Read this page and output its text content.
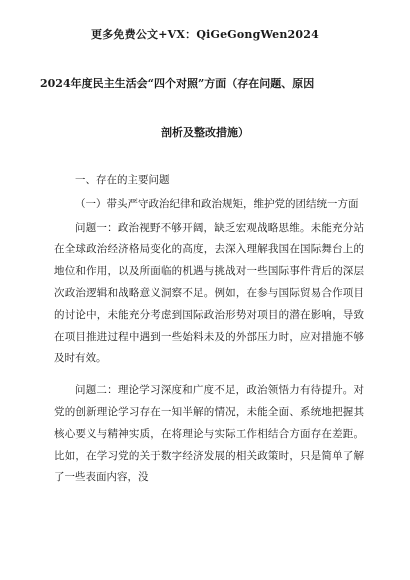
更多免费公文+VX：QiGeGongWen2024
2024年度民主生活会“四个对照”方面（存在问题、原因
剖析及整改措施）

一、存在的主要问题

（一）带头严守政治纪律和政治规矩，维护党的团结统一方面

问题一：政治视野不够开阔，缺乏宏观战略思维。未能充分站在全球政治经济格局变化的高度，去深入理解我国在国际舞台上的地位和作用，以及所面临的机遇与挑战对一些国际事件背后的深层次政治逻辑和战略意义洞察不足。例如，在参与国际贸易合作项目的讨论中，未能充分考虑到国际政治形势对项目的潜在影响，导致在项目推进过程中遇到一些始料未及的外部压力时，应对措施不够及时有效。

问题二：理论学习深度和广度不足，政治领悟力有待提升。对党的创新理论学习存在一知半解的情况，未能全面、系统地把握其核心要义与精神实质，在将理论与实际工作相结合方面存在差距。比如，在学习党的关于数字经济发展的相关政策时，只是简单了解了一些表面内容，没
